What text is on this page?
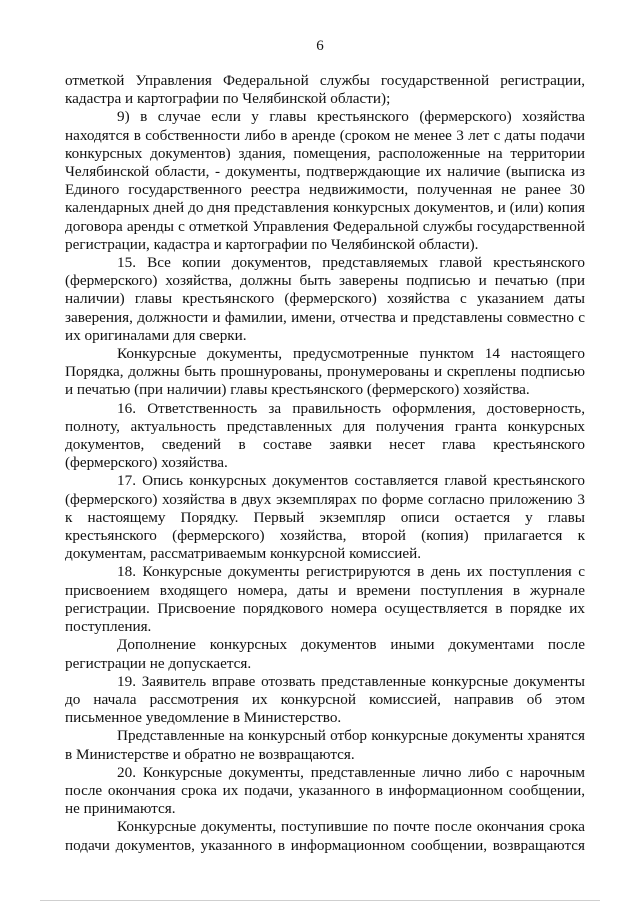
6

отметкой Управления Федеральной службы государственной регистрации, кадастра и картографии по Челябинской области);

9) в случае если у главы крестьянского (фермерского) хозяйства находятся в собственности либо в аренде (сроком не менее 3 лет с даты подачи конкурсных документов) здания, помещения, расположенные на территории Челябинской области, - документы, подтверждающие их наличие (выписка из Единого государственного реестра недвижимости, полученная не ранее 30 календарных дней до дня представления конкурсных документов, и (или) копия договора аренды с отметкой Управления Федеральной службы государственной регистрации, кадастра и картографии по Челябинской области).

15. Все копии документов, представляемых главой крестьянского (фермерского) хозяйства, должны быть заверены подписью и печатью (при наличии) главы крестьянского (фермерского) хозяйства с указанием даты заверения, должности и фамилии, имени, отчества и представлены совместно с их оригиналами для сверки.

Конкурсные документы, предусмотренные пунктом 14 настоящего Порядка, должны быть прошнурованы, пронумерованы и скреплены подписью и печатью (при наличии) главы крестьянского (фермерского) хозяйства.

16. Ответственность за правильность оформления, достоверность, полноту, актуальность представленных для получения гранта конкурсных документов, сведений в составе заявки несет глава крестьянского (фермерского) хозяйства.

17. Опись конкурсных документов составляется главой крестьянского (фермерского) хозяйства в двух экземплярах по форме согласно приложению 3 к настоящему Порядку. Первый экземпляр описи остается у главы крестьянского (фермерского) хозяйства, второй (копия) прилагается к документам, рассматриваемым конкурсной комиссией.

18. Конкурсные документы регистрируются в день их поступления с присвоением входящего номера, даты и времени поступления в журнале регистрации. Присвоение порядкового номера осуществляется в порядке их поступления.

Дополнение конкурсных документов иными документами после регистрации не допускается.

19. Заявитель вправе отозвать представленные конкурсные документы до начала рассмотрения их конкурсной комиссией, направив об этом письменное уведомление в Министерство.

Представленные на конкурсный отбор конкурсные документы хранятся в Министерстве и обратно не возвращаются.

20. Конкурсные документы, представленные лично либо с нарочным после окончания срока их подачи, указанного в информационном сообщении, не принимаются.

Конкурсные документы, поступившие по почте после окончания срока подачи документов, указанного в информационном сообщении, возвращаются
